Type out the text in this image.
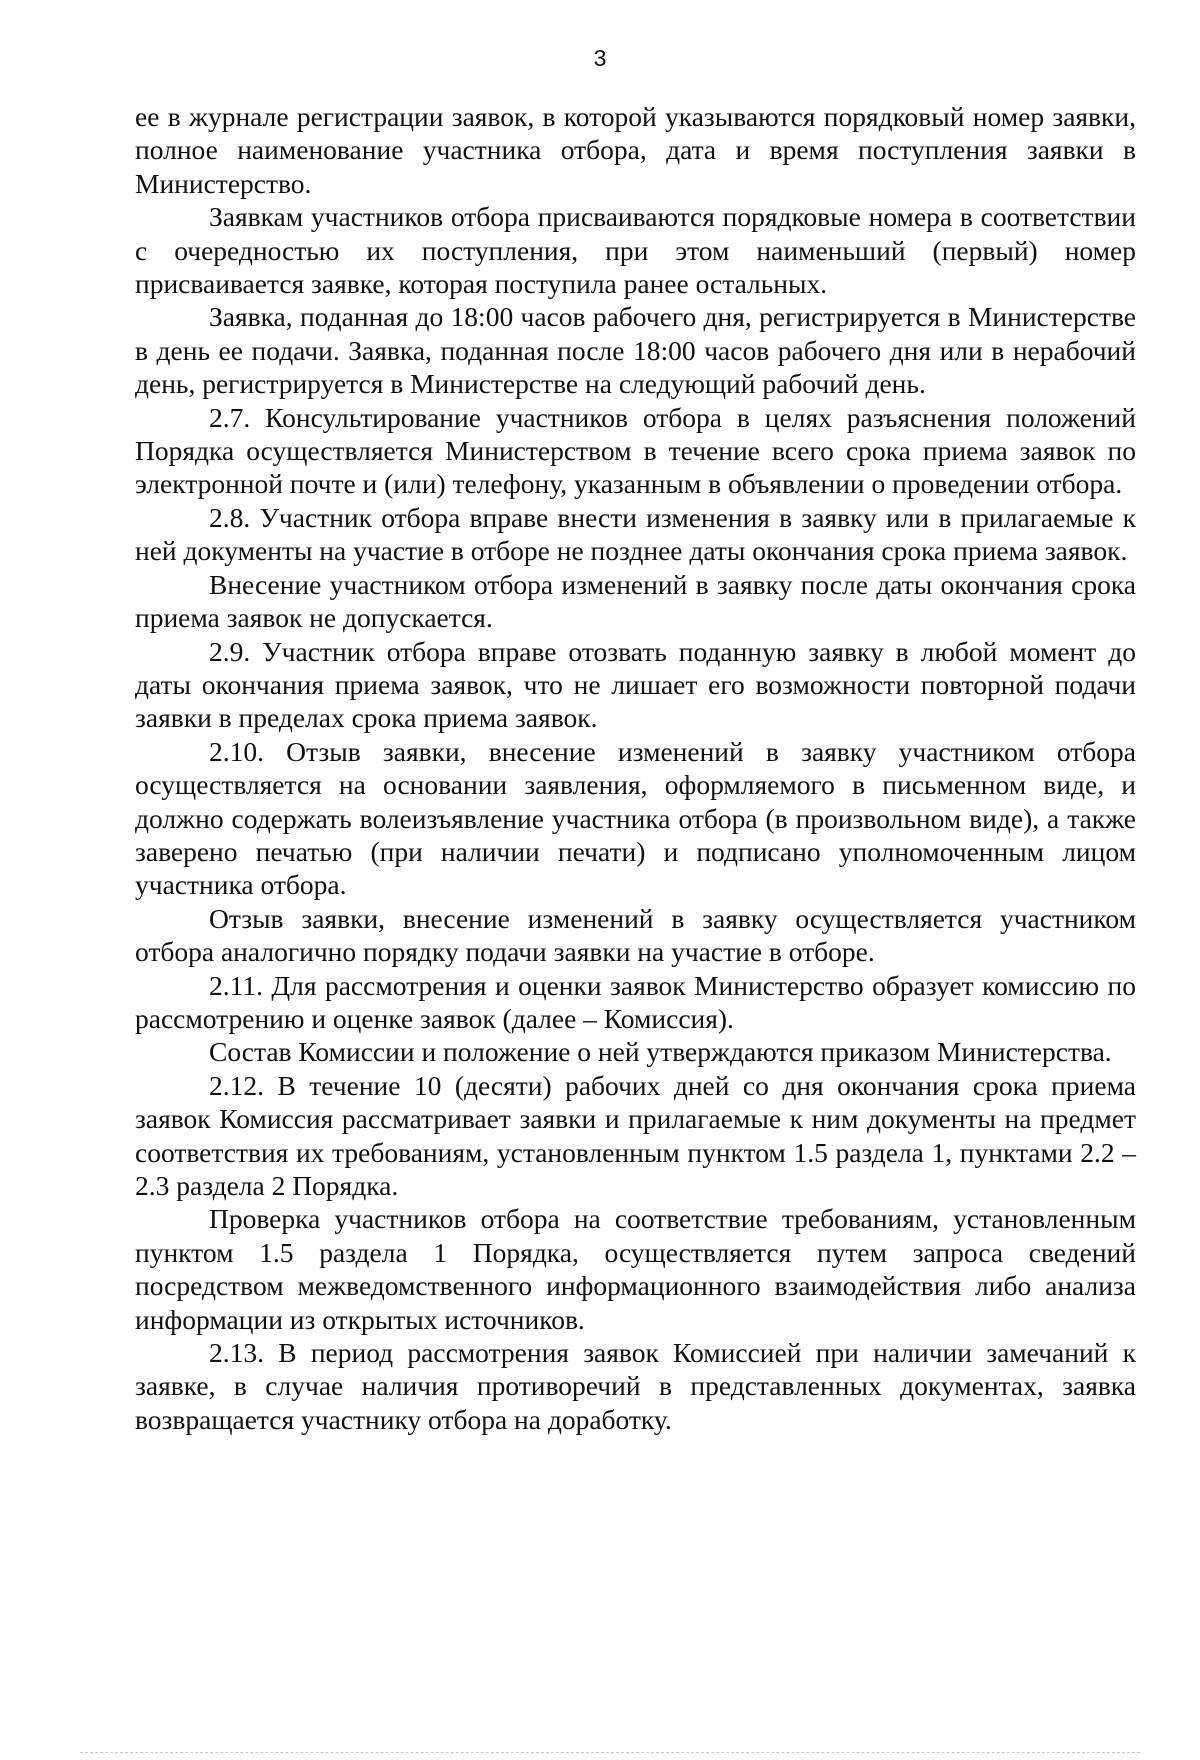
3

ее в журнале регистрации заявок, в которой указываются порядковый номер заявки, полное наименование участника отбора, дата и время поступления заявки в Министерство.

Заявкам участников отбора присваиваются порядковые номера в соответствии с очередностью их поступления, при этом наименьший (первый) номер присваивается заявке, которая поступила ранее остальных.

Заявка, поданная до 18:00 часов рабочего дня, регистрируется в Министерстве в день ее подачи. Заявка, поданная после 18:00 часов рабочего дня или в нерабочий день, регистрируется в Министерстве на следующий рабочий день.

2.7. Консультирование участников отбора в целях разъяснения положений Порядка осуществляется Министерством в течение всего срока приема заявок по электронной почте и (или) телефону, указанным в объявлении о проведении отбора.

2.8. Участник отбора вправе внести изменения в заявку или в прилагаемые к ней документы на участие в отборе не позднее даты окончания срока приема заявок.

Внесение участником отбора изменений в заявку после даты окончания срока приема заявок не допускается.

2.9. Участник отбора вправе отозвать поданную заявку в любой момент до даты окончания приема заявок, что не лишает его возможности повторной подачи заявки в пределах срока приема заявок.

2.10. Отзыв заявки, внесение изменений в заявку участником отбора осуществляется на основании заявления, оформляемого в письменном виде, и должно содержать волеизъявление участника отбора (в произвольном виде), а также заверено печатью (при наличии печати) и подписано уполномоченным лицом участника отбора.

Отзыв заявки, внесение изменений в заявку осуществляется участником отбора аналогично порядку подачи заявки на участие в отборе.

2.11. Для рассмотрения и оценки заявок Министерство образует комиссию по рассмотрению и оценке заявок (далее – Комиссия).

Состав Комиссии и положение о ней утверждаются приказом Министерства.

2.12. В течение 10 (десяти) рабочих дней со дня окончания срока приема заявок Комиссия рассматривает заявки и прилагаемые к ним документы на предмет соответствия их требованиям, установленным пунктом 1.5 раздела 1, пунктами 2.2 – 2.3 раздела 2 Порядка.

Проверка участников отбора на соответствие требованиям, установленным пунктом 1.5 раздела 1 Порядка, осуществляется путем запроса сведений посредством межведомственного информационного взаимодействия либо анализа информации из открытых источников.

2.13. В период рассмотрения заявок Комиссией при наличии замечаний к заявке, в случае наличия противоречий в представленных документах, заявка возвращается участнику отбора на доработку.
